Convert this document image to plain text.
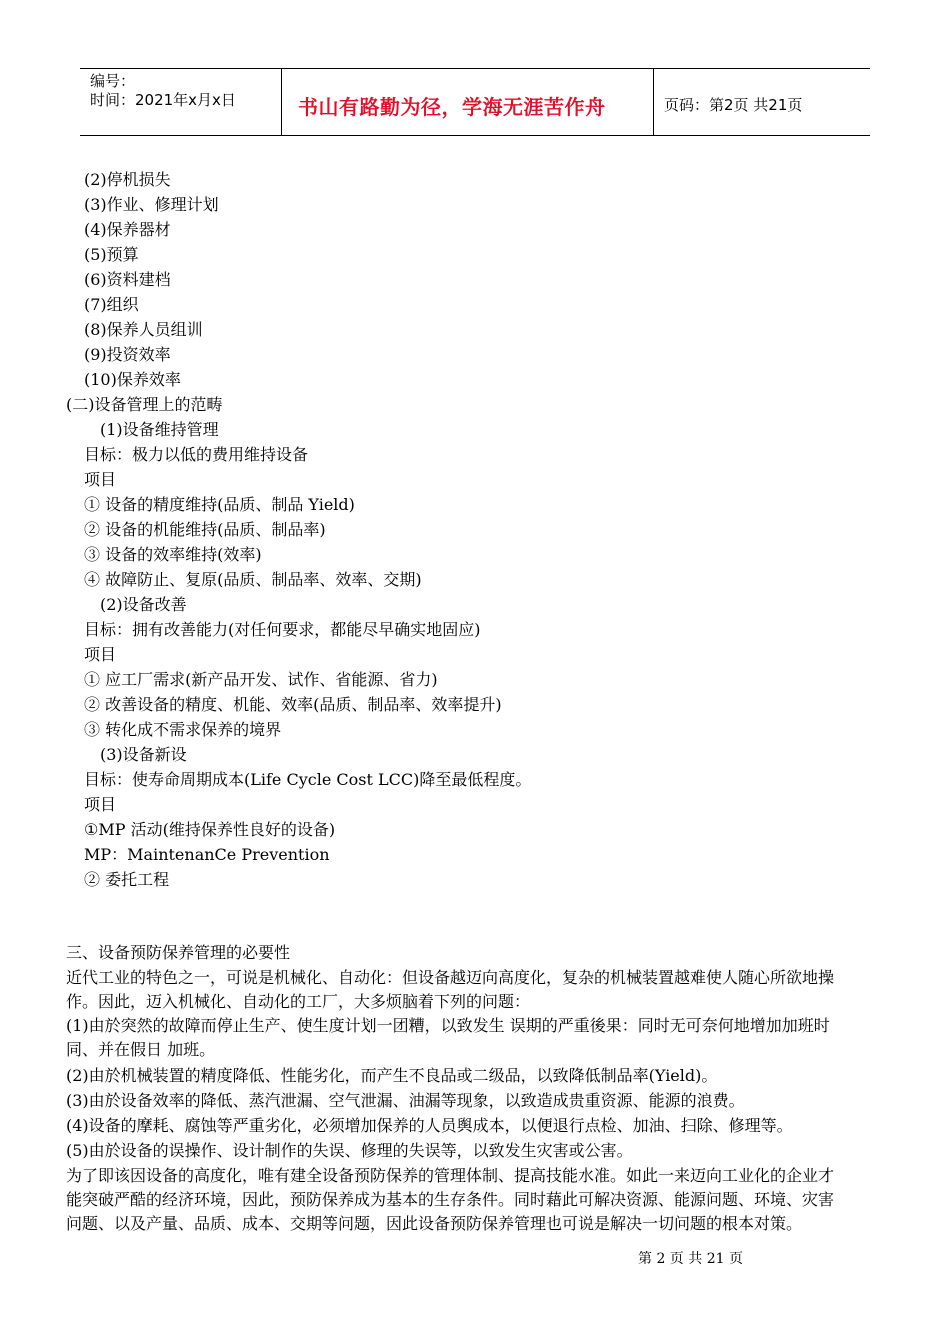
编号：
时间：2021年x月x日	书山有路勤为径，学海无涯苦作舟	页码：第2页 共21页
(2)停机损失
(3)作业、修理计划
(4)保养器材
(5)预算
(6)资料建档
(7)组织
(8)保养人员组训
(9)投资效率
(10)保养效率
(二)设备管理上的范畴
(1)设备维持管理
目标：极力以低的费用维持设备
项目
① 设备的精度维持(品质、制品 Yield)
② 设备的机能维持(品质、制品率)
③ 设备的效率维持(效率)
④ 故障防止、复原(品质、制品率、效率、交期)
(2)设备改善
目标：拥有改善能力(对任何要求，都能尽早确实地固应)
项目
① 应工厂需求(新产品开发、试作、省能源、省力)
② 改善设备的精度、机能、效率(品质、制品率、效率提升)
③ 转化成不需求保养的境界
(3)设备新设
目标：使寿命周期成本(Life Cycle Cost LCC)降至最低程度。
项目
①MP 活动(维持保养性良好的设备)
MP：MaintenanCe Prevention
② 委托工程
三、设备预防保养管理的必要性
近代工业的特色之一，可说是机械化、自动化：但设备越迈向高度化，复杂的机械装置越难使人随心所欲地操
作。因此，迈入机械化、自动化的工厂，大多烦脑着下列的问题：
(1)由於突然的故障而停止生产、使生度计划一团糟，以致发生 误期的严重後果：同时无可奈何地增加加班时
同、并在假日 加班。
(2)由於机械装置的精度降低、性能劣化，而产生不良品或二级品，以致降低制品率(Yield)。
(3)由於设备效率的降低、蒸汽泄漏、空气泄漏、油漏等现象，以致造成贵重资源、能源的浪费。
(4)设备的摩耗、腐蚀等严重劣化，必须增加保养的人员舆成本，以便退行点检、加油、扫除、修理等。
(5)由於设备的误操作、设计制作的失误、修理的失误等，以致发生灾害或公害。
为了即该因设备的高度化，唯有建全设备预防保养的管理体制、提高技能水准。如此一来迈向工业化的企业才
能突破严酷的经济环境，因此，预防保养成为基本的生存条件。同时藉此可解决资源、能源问题、环境、灾害
问题、以及产量、品质、成本、交期等问题，因此设备预防保养管理也可说是解决一切问题的根本对策。
第 2 页 共 21 页
